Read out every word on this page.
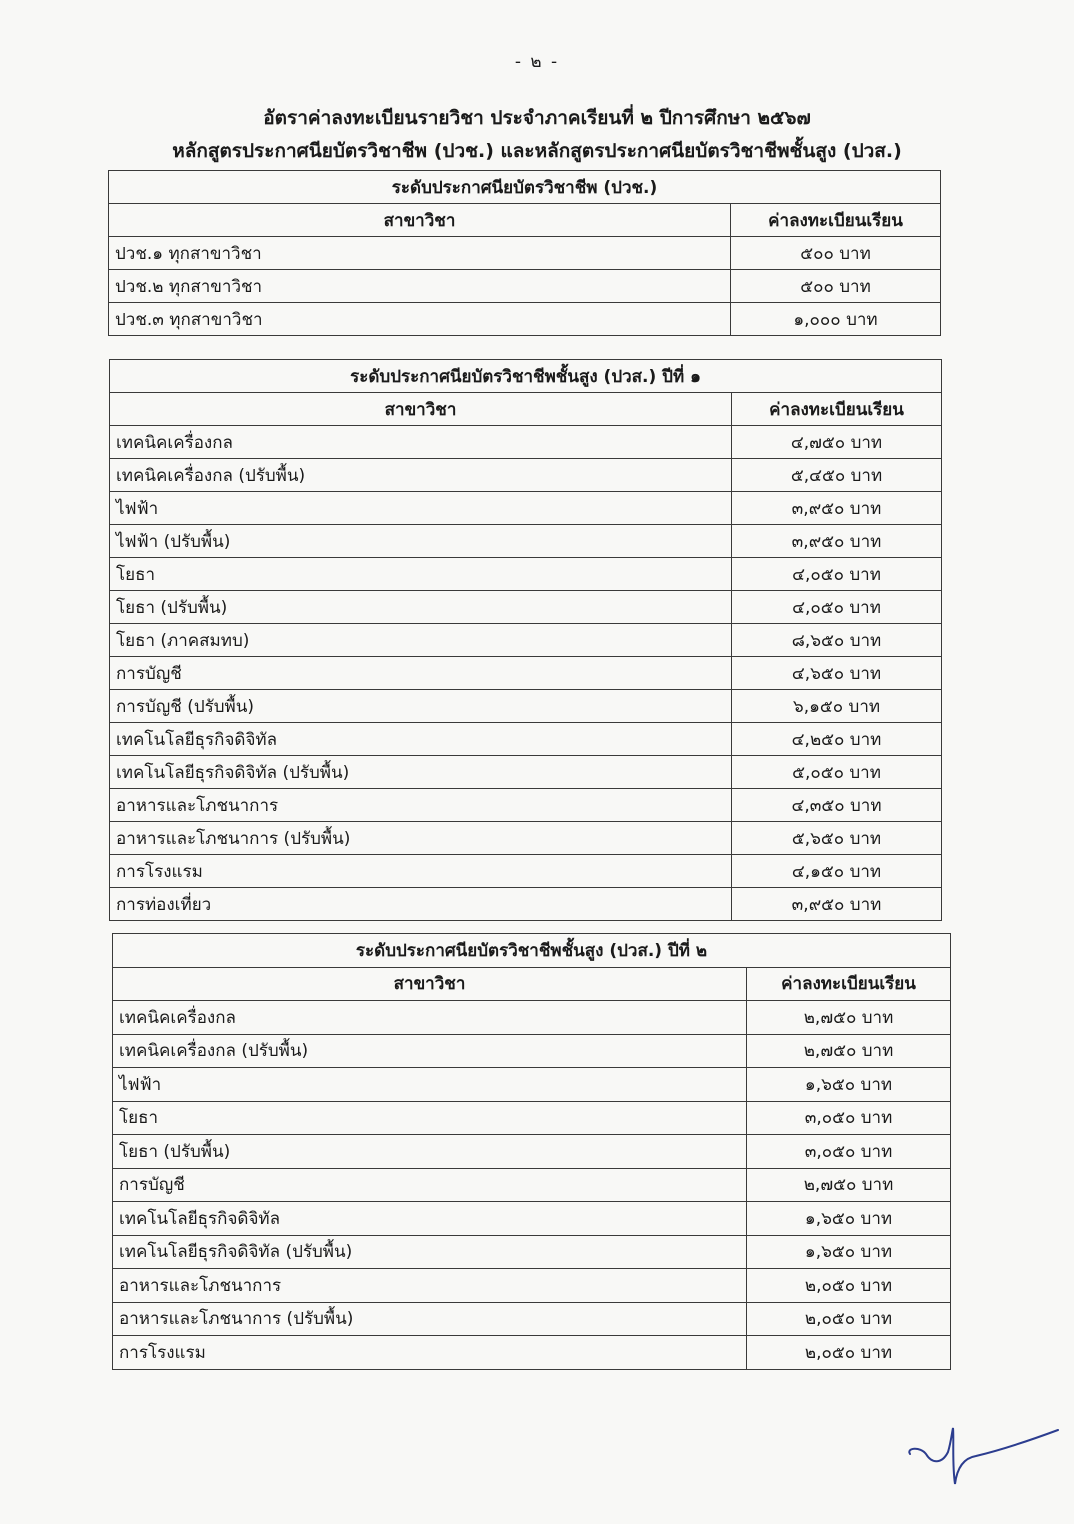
- ๒ -
อัตราค่าลงทะเบียนรายวิชา ประจำภาคเรียนที่ ๒ ปีการศึกษา ๒๕๖๗
หลักสูตรประกาศนียบัตรวิชาชีพ (ปวช.) และหลักสูตรประกาศนียบัตรวิชาชีพชั้นสูง (ปวส.)
ระดับประกาศนียบัตรวิชาชีพ (ปวช.)	
สาขาวิชา	ค่าลงทะเบียนเรียน
ปวช.๑ ทุกสาขาวิชา	๕๐๐ บาท
ปวช.๒ ทุกสาขาวิชา	๕๐๐ บาท
ปวช.๓ ทุกสาขาวิชา	๑,๐๐๐ บาท
ระดับประกาศนียบัตรวิชาชีพชั้นสูง (ปวส.) ปีที่ ๑	
สาขาวิชา	ค่าลงทะเบียนเรียน
เทคนิคเครื่องกล	๔,๗๕๐ บาท
เทคนิคเครื่องกล (ปรับพื้น)	๕,๔๕๐ บาท
ไฟฟ้า	๓,๙๕๐ บาท
ไฟฟ้า (ปรับพื้น)	๓,๙๕๐ บาท
โยธา	๔,๐๕๐ บาท
โยธา (ปรับพื้น)	๔,๐๕๐ บาท
โยธา (ภาคสมทบ)	๘,๖๕๐ บาท
การบัญชี	๔,๖๕๐ บาท
การบัญชี (ปรับพื้น)	๖,๑๕๐ บาท
เทคโนโลยีธุรกิจดิจิทัล	๔,๒๕๐ บาท
เทคโนโลยีธุรกิจดิจิทัล (ปรับพื้น)	๕,๐๕๐ บาท
อาหารและโภชนาการ	๔,๓๕๐ บาท
อาหารและโภชนาการ (ปรับพื้น)	๕,๖๕๐ บาท
การโรงแรม	๔,๑๕๐ บาท
การท่องเที่ยว	๓,๙๕๐ บาท
ระดับประกาศนียบัตรวิชาชีพชั้นสูง (ปวส.) ปีที่ ๒	
สาขาวิชา	ค่าลงทะเบียนเรียน
เทคนิคเครื่องกล	๒,๗๕๐ บาท
เทคนิคเครื่องกล (ปรับพื้น)	๒,๗๕๐ บาท
ไฟฟ้า	๑,๖๕๐ บาท
โยธา	๓,๐๕๐ บาท
โยธา (ปรับพื้น)	๓,๐๕๐ บาท
การบัญชี	๒,๗๕๐ บาท
เทคโนโลยีธุรกิจดิจิทัล	๑,๖๕๐ บาท
เทคโนโลยีธุรกิจดิจิทัล (ปรับพื้น)	๑,๖๕๐ บาท
อาหารและโภชนาการ	๒,๐๕๐ บาท
อาหารและโภชนาการ (ปรับพื้น)	๒,๐๕๐ บาท
การโรงแรม	๒,๐๕๐ บาท
